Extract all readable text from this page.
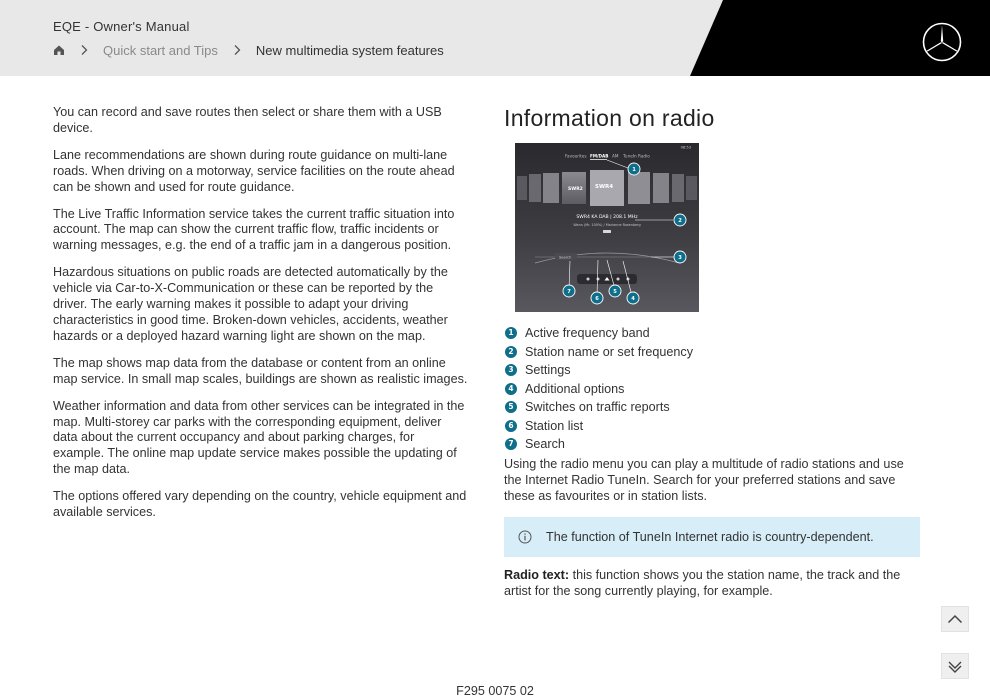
EQE - Owner's Manual
Quick start and Tips	New multimedia system features

You can record and save routes then select or share them with a USB device.

Lane recommendations are shown during route guidance on multi-lane roads. When driving on a motorway, service facilities on the route ahead can be shown and used for route guidance.

The Live Traffic Information service takes the current traffic situation into account. The map can show the current traffic flow, traffic incidents or warning messages, e.g. the end of a traffic jam in a dangerous position.

Hazardous situations on public roads are detected automatically by the vehicle via Car-to-X-Communication or these can be reported by the driver. The early warning makes it possible to adapt your driving characteristics in good time. Broken-down vehicles, accidents, weather hazards or a deployed hazard warning light are shown on the map.

The map shows map data from the database or content from an online map service. In small map scales, buildings are shown as realistic images.

Weather information and data from other services can be integrated in the map. Multi-storey car parks with the corresponding equipment, deliver data about the current occupancy and about parking charges, for example. The online map update service makes possible the updating of the map data.

The options offered vary depending on the country, vehicle equipment and available services.

Information on radio
08:53
Favourites FM/DAB AM TuneIn Radio
SWR2 SWR4
SWR4 KA DAB | 208.1 MHz
Wann (Mr. 100%) / Marianne Rosenberg
Search
1
2
3
4
5
6
7
1 Active frequency band
2 Station name or set frequency
3 Settings
4 Additional options
5 Switches on traffic reports
6 Station list
7 Search

Using the radio menu you can play a multitude of radio stations and use the Internet Radio TuneIn. Search for your preferred stations and save these as favourites or in station lists.

The function of TuneIn Internet radio is country-dependent.

Radio text: this function shows you the station name, the track and the artist for the song currently playing, for example.

F295 0075 02
